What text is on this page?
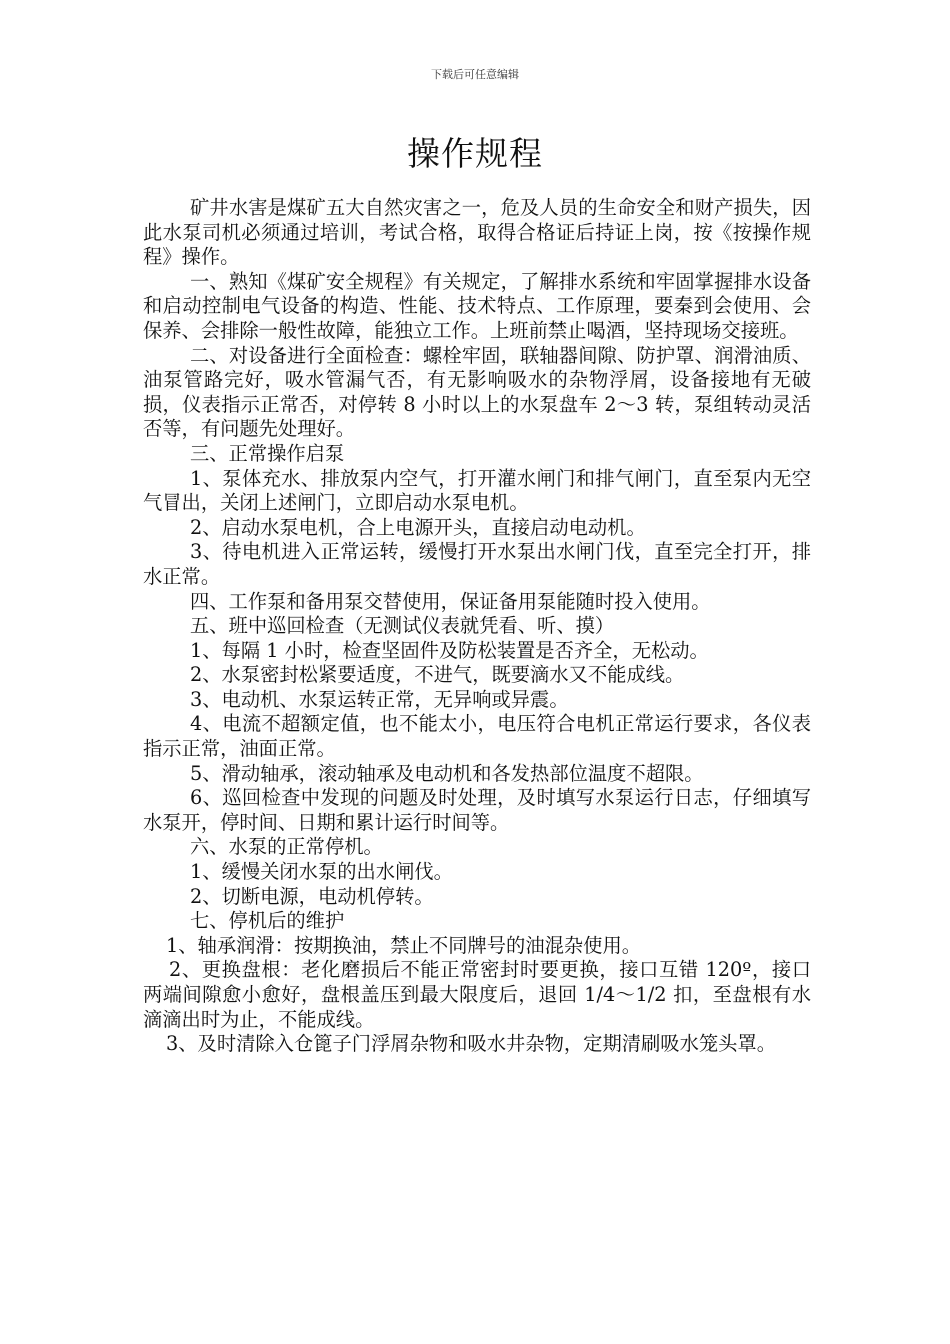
下载后可任意编辑
操作规程

矿井水害是煤矿五大自然灾害之一，危及人员的生命安全和财产损失，因此水泵司机必须通过培训，考试合格，取得合格证后持证上岗，按《按操作规程》操作。

一、熟知《煤矿安全规程》有关规定，了解排水系统和牢固掌握排水设备和启动控制电气设备的构造、性能、技术特点、工作原理，要秦到会使用、会保养、会排除一般性故障，能独立工作。上班前禁止喝酒，坚持现场交接班。

二、对设备进行全面检查：螺栓牢固，联轴器间隙、防护罩、润滑油质、油泵管路完好，吸水管漏气否，有无影响吸水的杂物浮屑，设备接地有无破损，仪表指示正常否，对停转 8 小时以上的水泵盘车 2～3 转，泵组转动灵活否等，有问题先处理好。

三、正常操作启泵

1、泵体充水、排放泵内空气，打开灌水闸门和排气闸门，直至泵内无空气冒出，关闭上述闸门，立即启动水泵电机。

2、启动水泵电机，合上电源开头，直接启动电动机。

3、待电机进入正常运转，缓慢打开水泵出水闸门伐，直至完全打开，排水正常。

四、工作泵和备用泵交替使用，保证备用泵能随时投入使用。

五、班中巡回检查（无测试仪表就凭看、听、摸）

1、每隔 1 小时，检查坚固件及防松装置是否齐全，无松动。

2、水泵密封松紧要适度，不进气，既要滴水又不能成线。

3、电动机、水泵运转正常，无异响或异震。

4、电流不超额定值，也不能太小，电压符合电机正常运行要求，各仪表指示正常，油面正常。

5、滑动轴承，滚动轴承及电动机和各发热部位温度不超限。

6、巡回检查中发现的问题及时处理，及时填写水泵运行日志，仔细填写水泵开，停时间、日期和累计运行时间等。

六、水泵的正常停机。

1、缓慢关闭水泵的出水闸伐。

2、切断电源，电动机停转。

七、停机后的维护

1、轴承润滑：按期换油，禁止不同牌号的油混杂使用。

2、更换盘根：老化磨损后不能正常密封时要更换，接口互错 120º，接口两端间隙愈小愈好，盘根盖压到最大限度后，退回 1/4～1/2 扣，至盘根有水滴滴出时为止，不能成线。

3、及时清除入仓篦子门浮屑杂物和吸水井杂物，定期清刷吸水笼头罩。
